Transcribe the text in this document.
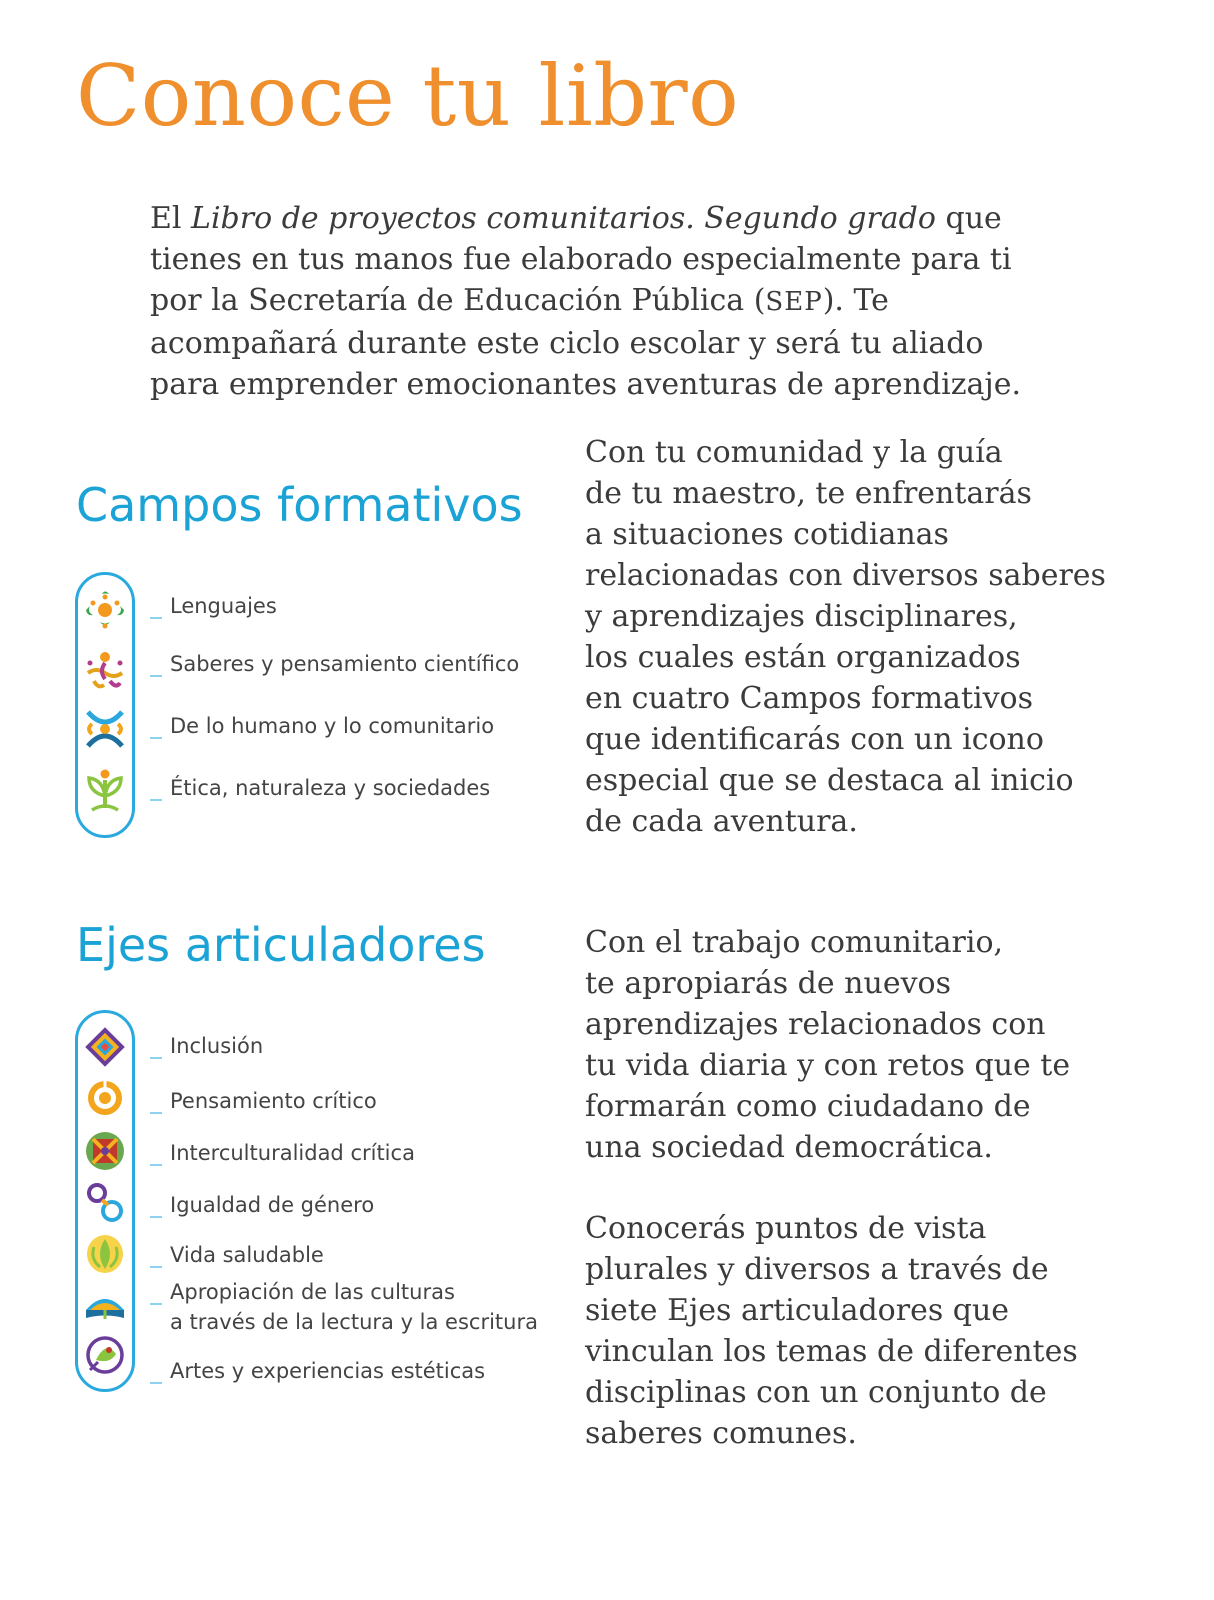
Conoce tu libro

El Libro de proyectos comunitarios. Segundo grado que tienes en tus manos fue elaborado especialmente para ti por la Secretaría de Educación Pública (SEP). Te acompañará durante este ciclo escolar y será tu aliado para emprender emocionantes aventuras de aprendizaje.

Campos formativos
Lenguajes
Saberes y pensamiento científico
De lo humano y lo comunitario
Ética, naturaleza y sociedades

Con tu comunidad y la guía
de tu maestro, te enfrentarás
a situaciones cotidianas
relacionadas con diversos saberes
y aprendizajes disciplinares,
los cuales están organizados
en cuatro Campos formativos
que identificarás con un icono
especial que se destaca al inicio
de cada aventura.

Ejes articuladores
Inclusión
Pensamiento crítico
Interculturalidad crítica
Igualdad de género
Vida saludable
Apropiación de las culturas
a través de la lectura y la escritura
Artes y experiencias estéticas

Con el trabajo comunitario,
te apropiarás de nuevos
aprendizajes relacionados con
tu vida diaria y con retos que te
formarán como ciudadano de
una sociedad democrática.

Conocerás puntos de vista
plurales y diversos a través de
siete Ejes articuladores que
vinculan los temas de diferentes
disciplinas con un conjunto de
saberes comunes.
